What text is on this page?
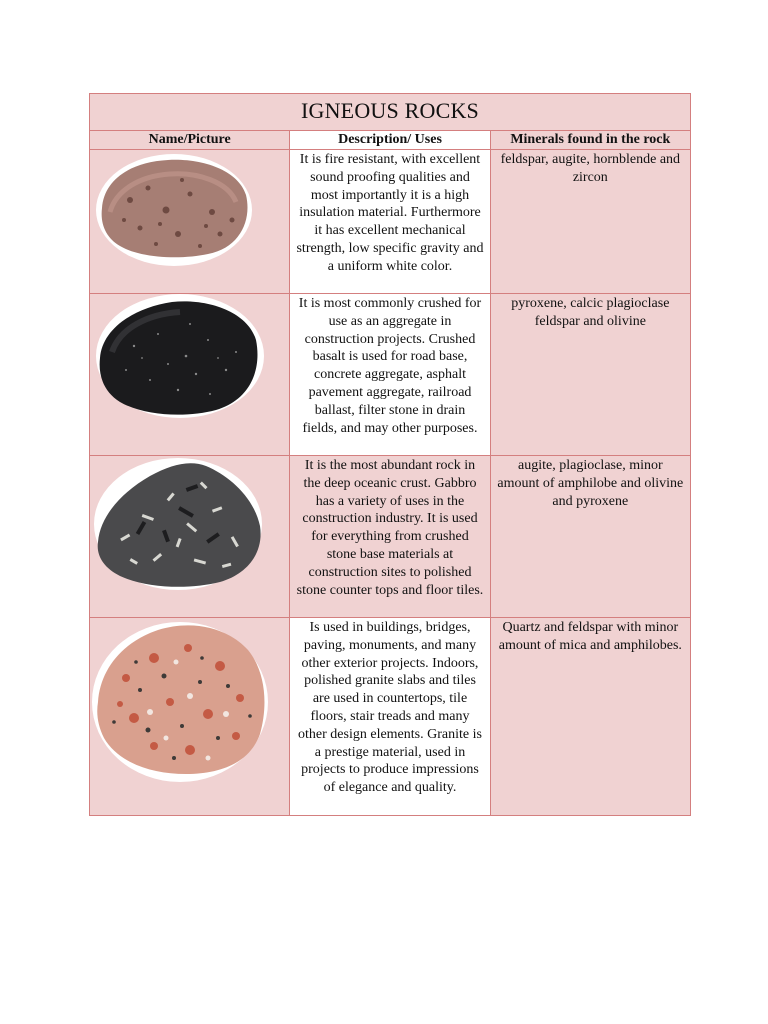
IGNEOUS ROCKS		
Name/Picture	Description/ Uses	Minerals found in the rock

	It is fire resistant, with excellent sound proofing qualities and most importantly it is a high insulation material. Furthermore it has excellent mechanical strength, low specific gravity and a uniform white color.	feldspar, augite, hornblende and zircon

	It is most commonly crushed for use as an aggregate in construction projects. Crushed basalt is used for road base, concrete aggregate, asphalt pavement aggregate, railroad ballast, filter stone in drain fields, and may other purposes.	pyroxene, calcic plagioclase feldspar and olivine

	It is the most abundant rock in the deep oceanic crust. Gabbro has a variety of uses in the construction industry. It is used for everything from crushed stone base materials at construction sites to polished stone counter tops and floor tiles.	augite, plagioclase, minor amount of amphilobe and olivine and pyroxene

	Is used in buildings, bridges, paving, monuments, and many other exterior projects. Indoors, polished granite slabs and tiles are used in countertops, tile floors, stair treads and many other design elements. Granite is a prestige material, used in projects to produce impressions of elegance and quality.	Quartz and feldspar with minor amount of mica and amphilobes.
